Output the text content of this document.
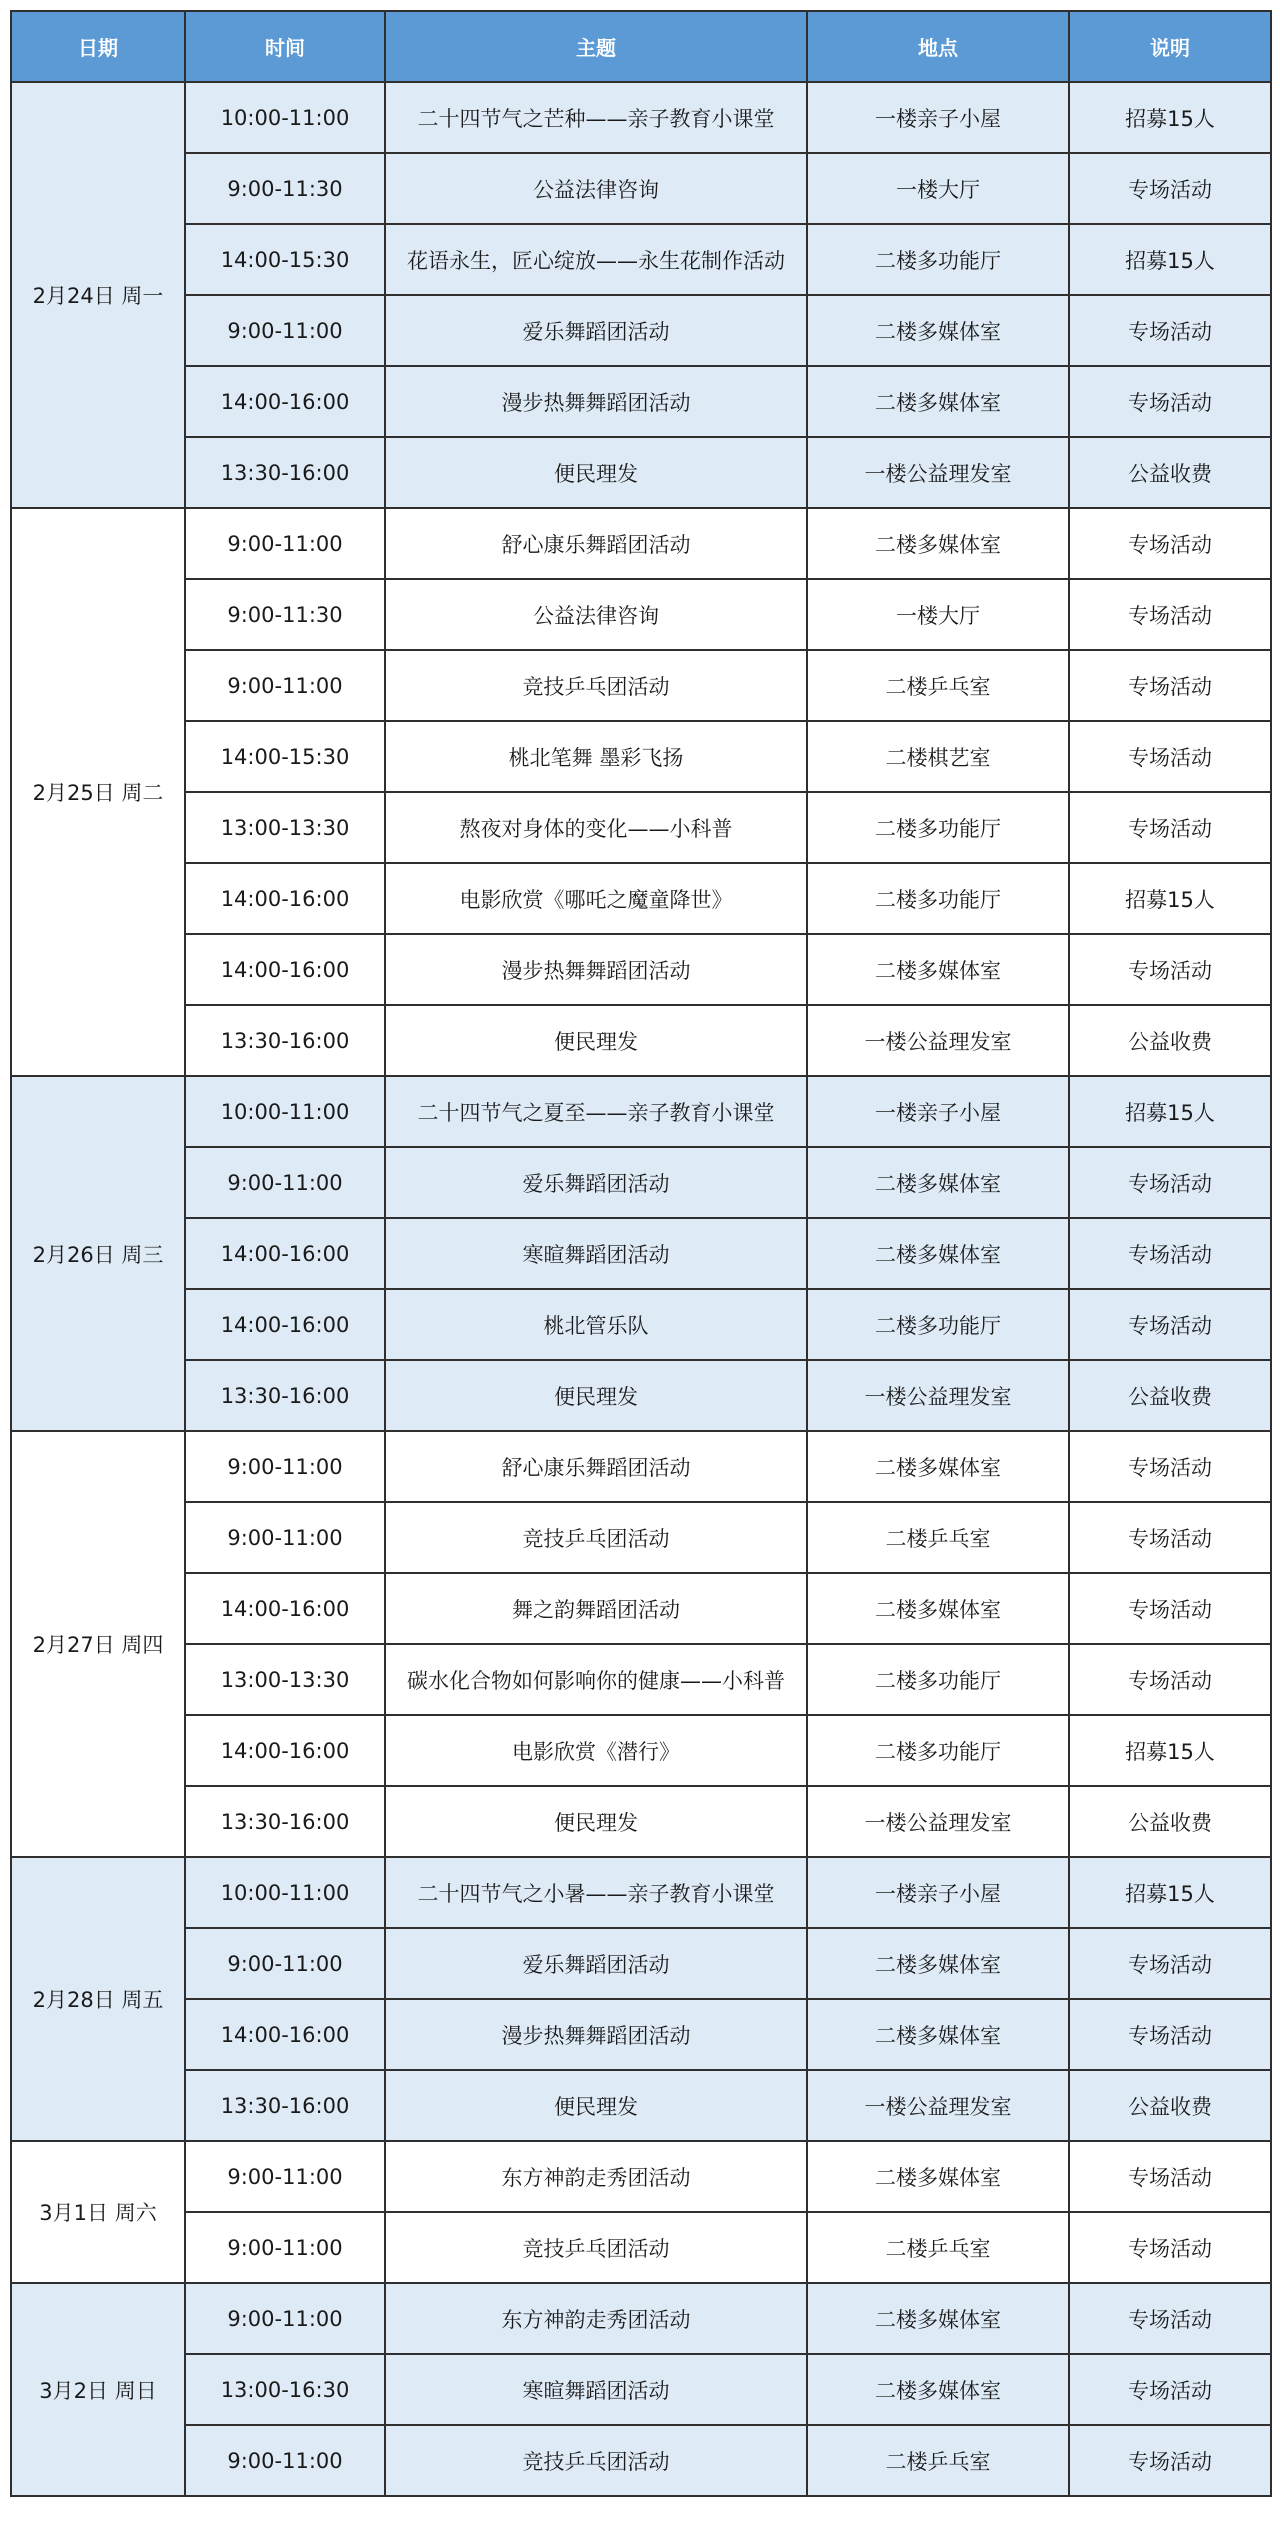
日期	时间	主题	地点	说明
2月24日 周一	10:00-11:00	二十四节气之芒种——亲子教育小课堂	一楼亲子小屋	招募15人
	9:00-11:30	公益法律咨询	一楼大厅	专场活动
	14:00-15:30	花语永生，匠心绽放——永生花制作活动	二楼多功能厅	招募15人
	9:00-11:00	爱乐舞蹈团活动	二楼多媒体室	专场活动
	14:00-16:00	漫步热舞舞蹈团活动	二楼多媒体室	专场活动
	13:30-16:00	便民理发	一楼公益理发室	公益收费
2月25日 周二	9:00-11:00	舒心康乐舞蹈团活动	二楼多媒体室	专场活动
	9:00-11:30	公益法律咨询	一楼大厅	专场活动
	9:00-11:00	竞技乒乓团活动	二楼乒乓室	专场活动
	14:00-15:30	桃北笔舞 墨彩飞扬	二楼棋艺室	专场活动
	13:00-13:30	熬夜对身体的变化——小科普	二楼多功能厅	专场活动
	14:00-16:00	电影欣赏《哪吒之魔童降世》	二楼多功能厅	招募15人
	14:00-16:00	漫步热舞舞蹈团活动	二楼多媒体室	专场活动
	13:30-16:00	便民理发	一楼公益理发室	公益收费
2月26日 周三	10:00-11:00	二十四节气之夏至——亲子教育小课堂	一楼亲子小屋	招募15人
	9:00-11:00	爱乐舞蹈团活动	二楼多媒体室	专场活动
	14:00-16:00	寒暄舞蹈团活动	二楼多媒体室	专场活动
	14:00-16:00	桃北管乐队	二楼多功能厅	专场活动
	13:30-16:00	便民理发	一楼公益理发室	公益收费
2月27日 周四	9:00-11:00	舒心康乐舞蹈团活动	二楼多媒体室	专场活动
	9:00-11:00	竞技乒乓团活动	二楼乒乓室	专场活动
	14:00-16:00	舞之韵舞蹈团活动	二楼多媒体室	专场活动
	13:00-13:30	碳水化合物如何影响你的健康——小科普	二楼多功能厅	专场活动
	14:00-16:00	电影欣赏《潜行》	二楼多功能厅	招募15人
	13:30-16:00	便民理发	一楼公益理发室	公益收费
2月28日 周五	10:00-11:00	二十四节气之小暑——亲子教育小课堂	一楼亲子小屋	招募15人
	9:00-11:00	爱乐舞蹈团活动	二楼多媒体室	专场活动
	14:00-16:00	漫步热舞舞蹈团活动	二楼多媒体室	专场活动
	13:30-16:00	便民理发	一楼公益理发室	公益收费
3月1日 周六	9:00-11:00	东方神韵走秀团活动	二楼多媒体室	专场活动
	9:00-11:00	竞技乒乓团活动	二楼乒乓室	专场活动
3月2日 周日	9:00-11:00	东方神韵走秀团活动	二楼多媒体室	专场活动
	13:00-16:30	寒暄舞蹈团活动	二楼多媒体室	专场活动
	9:00-11:00	竞技乒乓团活动	二楼乒乓室	专场活动
